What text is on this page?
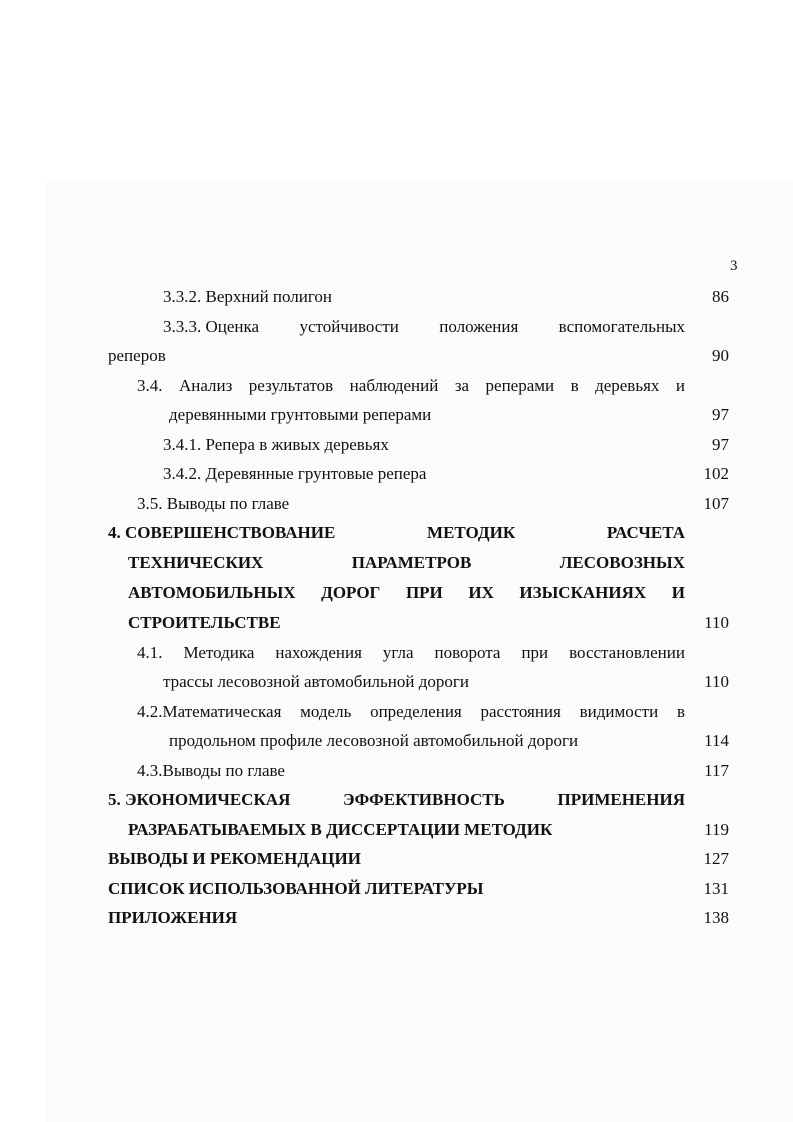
3
3.3.2. Верхний полигон	86
3.3.3. Оценка устойчивости положения вспомогательных
реперов	90
3.4. Анализ результатов наблюдений за реперами в деревьях и
деревянными грунтовыми реперами	97
3.4.1. Репера в живых деревьях	97
3.4.2. Деревянные грунтовые репера	102
3.5. Выводы по главе	107
4. СОВЕРШЕНСТВОВАНИЕ	МЕТОДИК	РАСЧЕТА
ТЕХНИЧЕСКИХ	ПАРАМЕТРОВ	ЛЕСОВОЗНЫХ
АВТОМОБИЛЬНЫХ ДОРОГ ПРИ ИХ ИЗЫСКАНИЯХ И
СТРОИТЕЛЬСТВЕ	110
4.1. Методика нахождения угла поворота при восстановлении
трассы лесовозной автомобильной дороги	110
4.2.Математическая модель определения расстояния видимости в
продольном профиле лесовозной автомобильной дороги	114
4.3.Выводы по главе	117
5. ЭКОНОМИЧЕСКАЯ	ЭФФЕКТИВНОСТЬ	ПРИМЕНЕНИЯ
РАЗРАБАТЫВАЕМЫХ В ДИССЕРТАЦИИ МЕТОДИК	119
ВЫВОДЫ И РЕКОМЕНДАЦИИ	127
СПИСОК ИСПОЛЬЗОВАННОЙ ЛИТЕРАТУРЫ	131
ПРИЛОЖЕНИЯ	138
